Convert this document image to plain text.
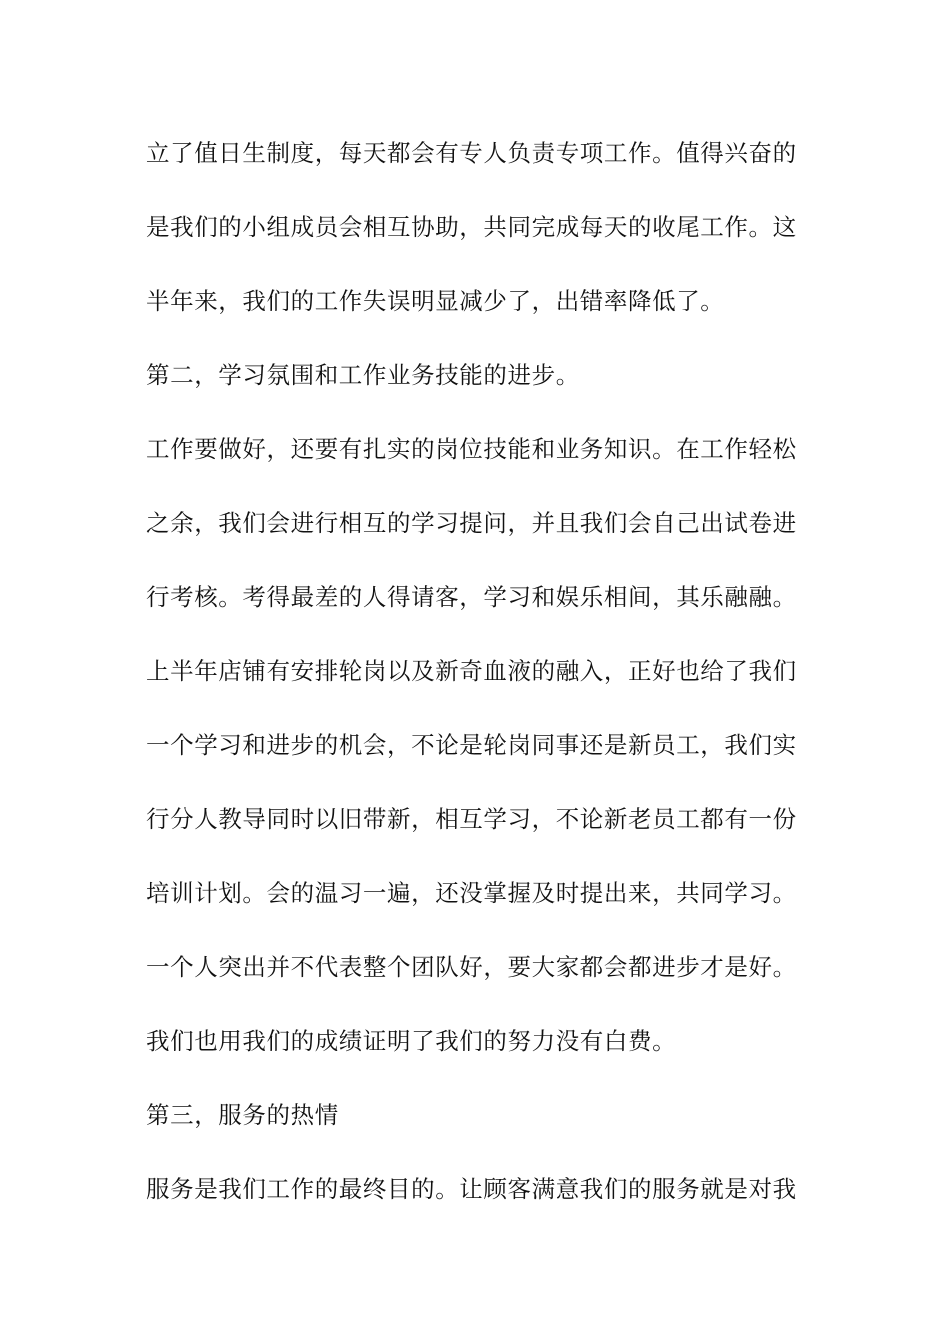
立了值日生制度，每天都会有专人负责专项工作。值得兴奋的

是我们的小组成员会相互协助，共同完成每天的收尾工作。这

半年来，我们的工作失误明显减少了，出错率降低了。

第二，学习氛围和工作业务技能的进步。

工作要做好，还要有扎实的岗位技能和业务知识。在工作轻松

之余，我们会进行相互的学习提问，并且我们会自己出试卷进

行考核。考得最差的人得请客，学习和娱乐相间，其乐融融。

上半年店铺有安排轮岗以及新奇血液的融入，正好也给了我们

一个学习和进步的机会，不论是轮岗同事还是新员工，我们实

行分人教导同时以旧带新，相互学习，不论新老员工都有一份

培训计划。会的温习一遍，还没掌握及时提出来，共同学习。

一个人突出并不代表整个团队好，要大家都会都进步才是好。

我们也用我们的成绩证明了我们的努力没有白费。

第三，服务的热情

服务是我们工作的最终目的。让顾客满意我们的服务就是对我
